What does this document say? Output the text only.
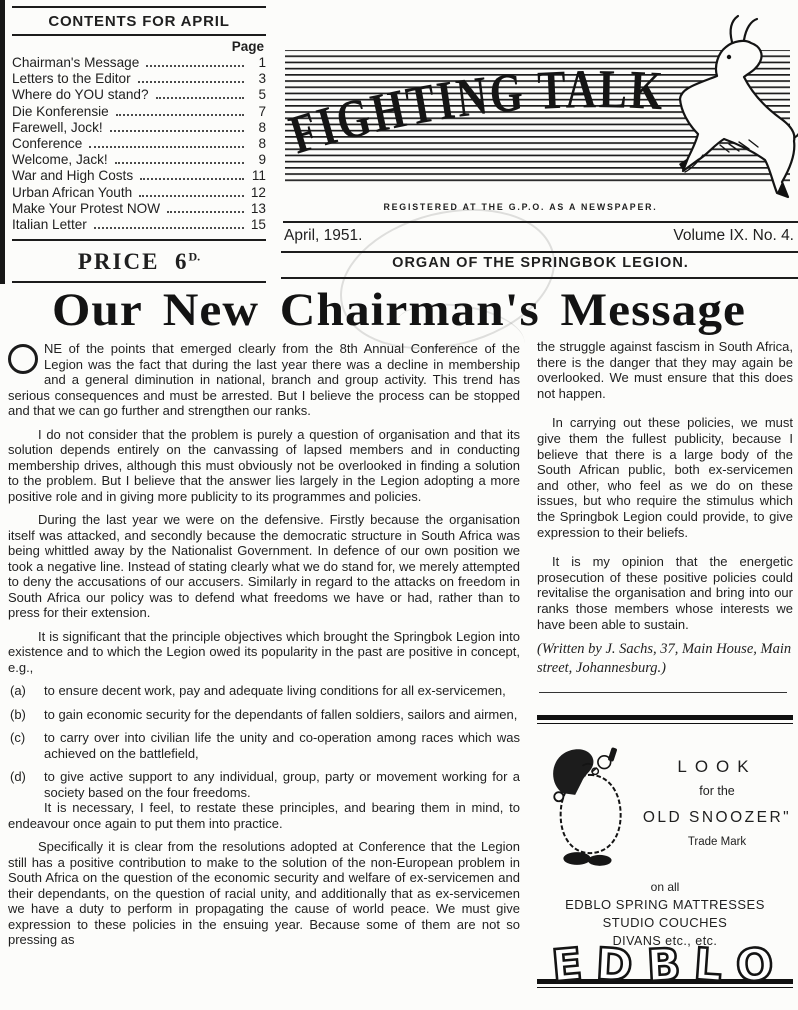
CONTENTS FOR APRIL
Page
Chairman's Message	1
Letters to the Editor	3
Where do YOU stand?	5
Die Konferensie	7
Farewell, Jock!	8
Conference	8
Welcome, Jack!	9
War and High Costs	11
Urban African Youth	12
Make Your Protest NOW	13
Italian Letter	15
PRICE $6^{D.}$
FIGHTING TALK
REGISTERED AT THE G.P.O. AS A NEWSPAPER.
April, 1951.	Volume IX. No. 4.
ORGAN OF THE SPRINGBOK LEGION.
Our New Chairman's Message

NE of the points that emerged clearly from the 8th Annual Conference of the Legion was the fact that during the last year there was a decline in membership and a general diminution in national, branch and group activity. This trend has serious consequences and must be arrested. But I believe the process can be stopped and that we can go further and strengthen our ranks.

I do not consider that the problem is purely a question of organisation and that its solution depends entirely on the canvassing of lapsed members and in conducting membership drives, although this must obviously not be overlooked in finding a solution to the problem. But I believe that the answer lies largely in the Legion adopting a more positive role and in giving more publicity to its programmes and policies.

During the last year we were on the defensive. Firstly because the organisation itself was attacked, and secondly because the democratic structure in South Africa was being whittled away by the Nationalist Government. In defence of our own position we took a negative line. Instead of stating clearly what we do stand for, we merely attempted to deny the accusations of our accusers. Similarly in regard to the attacks on freedom in South Africa our policy was to defend what freedoms we have or had, rather than to press for their extension.

It is significant that the principle objectives which brought the Springbok Legion into existence and to which the Legion owed its popularity in the past are positive in concept, e.g.,

(a) to ensure decent work, pay and adequate living conditions for all ex-servicemen,
(b) to gain economic security for the dependants of fallen soldiers, sailors and airmen,
(c) to carry over into civilian life the unity and co-operation among races which was achieved on the battlefield,
(d) to give active support to any individual, group, party or movement working for a society based on the four freedoms.

It is necessary, I feel, to restate these principles, and bearing them in mind, to endeavour once again to put them into practice.

Specifically it is clear from the resolutions adopted at Conference that the Legion still has a positive contribution to make to the solution of the non-European problem in South Africa on the question of the economic security and welfare of ex-servicemen and their dependants, on the question of racial unity, and additionally that as ex-servicemen we have a duty to perform in propagating the cause of world peace. We must give expression to these policies in the ensuing year. Because some of them are not so pressing as

the struggle against fascism in South Africa, there is the danger that they may again be overlooked. We must ensure that this does not happen.

In carrying out these policies, we must give them the fullest publicity, because I believe that there is a large body of the South African public, both ex-servicemen and other, who feel as we do on these issues, but who require the stimulus which the Springbok Legion could provide, to give expression to their beliefs.

It is my opinion that the energetic prosecution of these positive policies could revitalise the organisation and bring into our ranks those members whose interests we have been able to sustain.

(Written by J. Sachs, 37, Main House, Main street, Johannesburg.)

LOOK
for the
OLD SNOOZER"
Trade Mark
on all
EDBLO SPRING MATTRESSES
STUDIO COUCHES
DIVANS etc., etc.
E D B L O
